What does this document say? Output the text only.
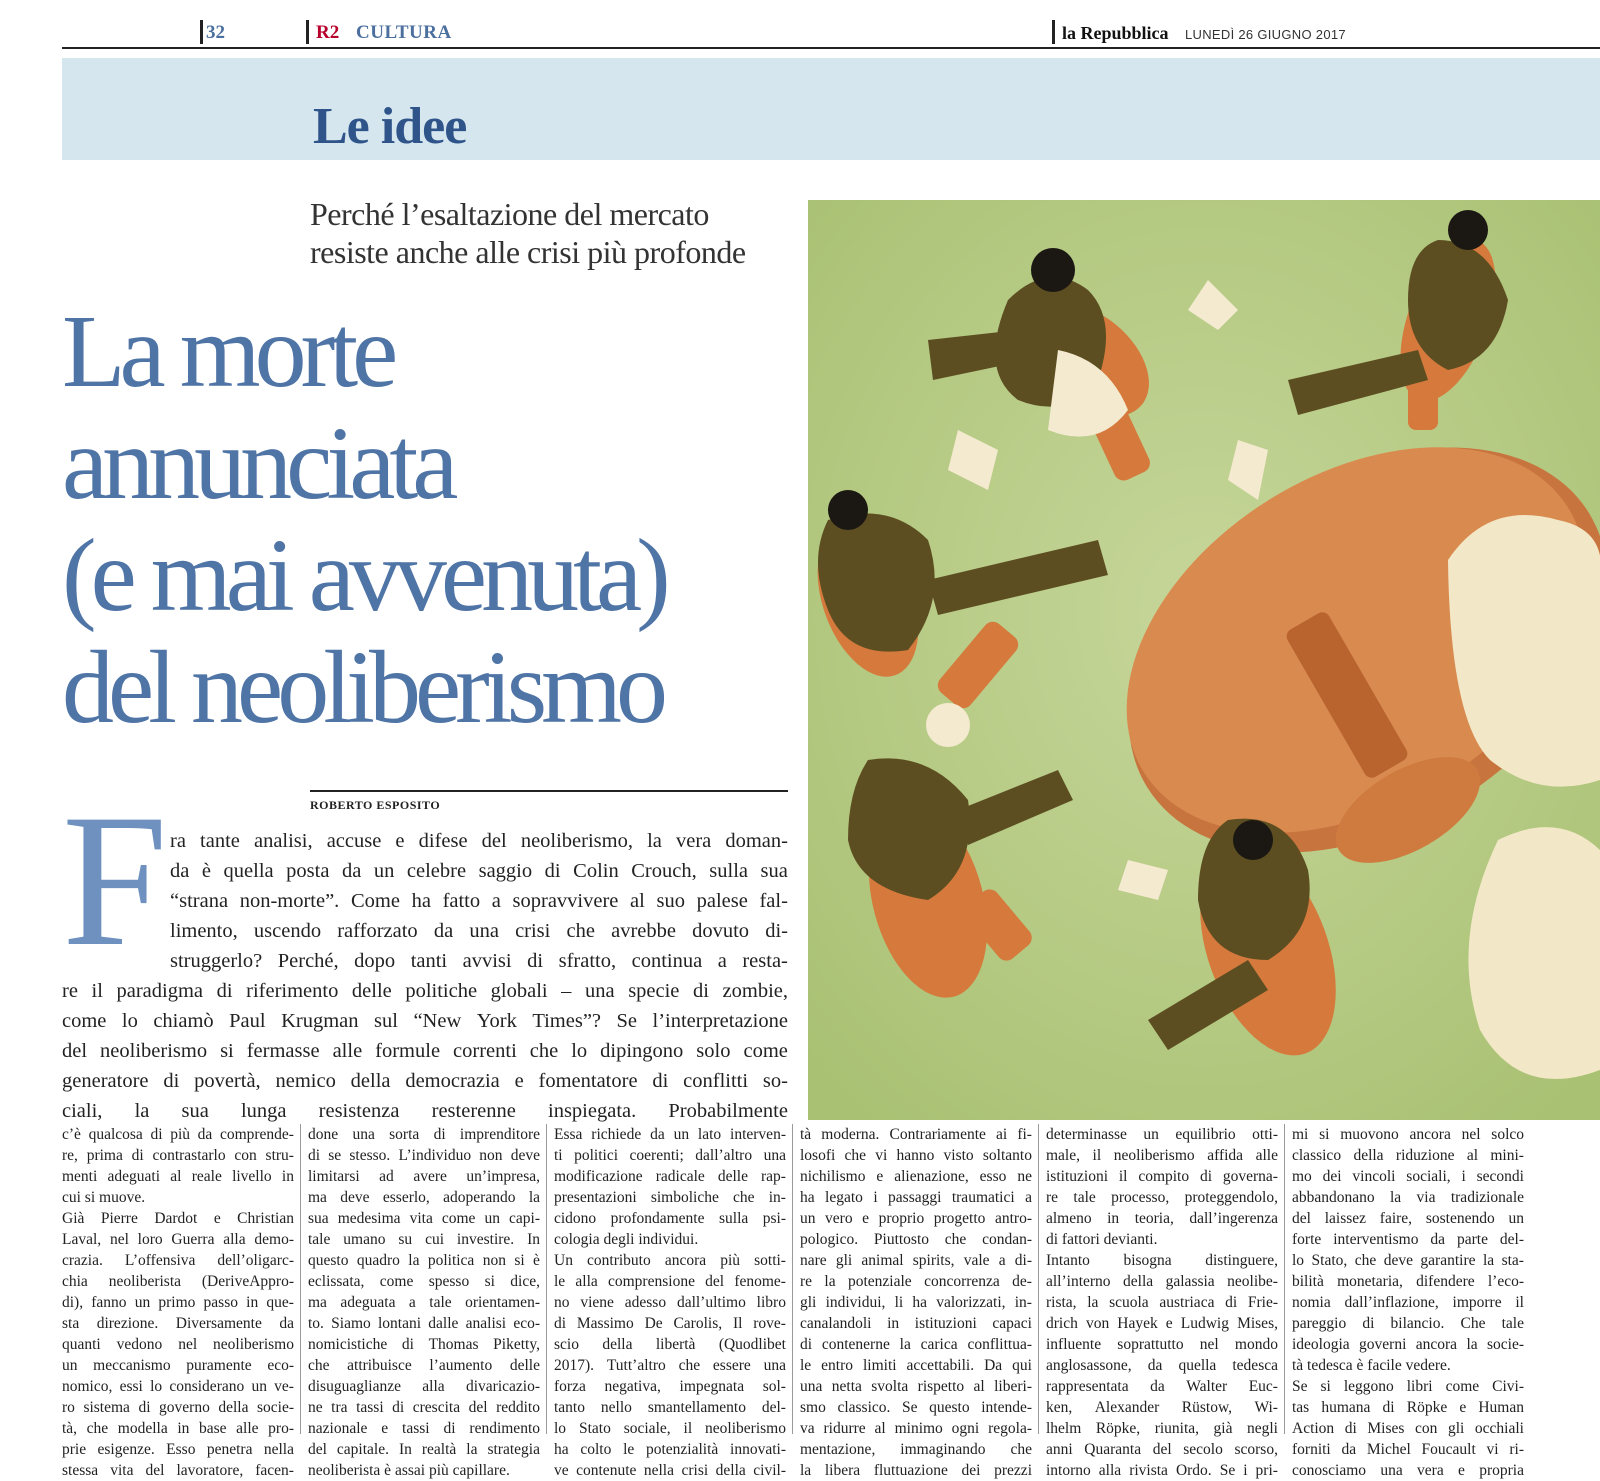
32	R2 CULTURA	la Repubblica LUNEDÌ 26 GIUGNO 2017
Le idee
Perché l’esaltazione del mercato
resiste anche alle crisi più profonde
La morte
annunciata
(e mai avvenuta)
del neoliberismo
ROBERTO ESPOSITO
F ra tante analisi, accuse e difese del neoliberismo, la vera doman-
da è quella posta da un celebre saggio di Colin Crouch, sulla sua
“strana non-morte”. Come ha fatto a sopravvivere al suo palese fal-
limento, uscendo rafforzato da una crisi che avrebbe dovuto di-
struggerlo? Perché, dopo tanti avvisi di sfratto, continua a resta-
re il paradigma di riferimento delle politiche globali – una specie di zombie,
come lo chiamò Paul Krugman sul “New York Times”? Se l’interpretazione
del neoliberismo si fermasse alle formule correnti che lo dipingono solo come
generatore di povertà, nemico della democrazia e fomentatore di conflitti so-
ciali, la sua lunga resistenza resterenne inspiegata. Probabilmente
c’è qualcosa di più da comprende-
re, prima di contrastarlo con stru-
menti adeguati al reale livello in
cui si muove.
Già Pierre Dardot e Christian
Laval, nel loro Guerra alla demo-
crazia. L’offensiva dell’oligarc-
chia neoliberista (DeriveAppro-
di), fanno un primo passo in que-
sta direzione. Diversamente da
quanti vedono nel neoliberismo
un meccanismo puramente eco-
nomico, essi lo considerano un ve-
ro sistema di governo della socie-
tà, che modella in base alle pro-
prie esigenze. Esso penetra nella
stessa vita del lavoratore, facen-
done una sorta di imprenditore
di se stesso. L’individuo non deve
limitarsi ad avere un’impresa,
ma deve esserlo, adoperando la
sua medesima vita come un capi-
tale umano su cui investire. In
questo quadro la politica non si è
eclissata, come spesso si dice,
ma adeguata a tale orientamen-
to. Siamo lontani dalle analisi eco-
nomicistiche di Thomas Piketty,
che attribuisce l’aumento delle
disuguaglianze alla divaricazio-
ne tra tassi di crescita del reddito
nazionale e tassi di rendimento
del capitale. In realtà la strategia
neoliberista è assai più capillare.
Essa richiede da un lato interven-
ti politici coerenti; dall’altro una
modificazione radicale delle rap-
presentazioni simboliche che in-
cidono profondamente sulla psi-
cologia degli individui.
Un contributo ancora più sotti-
le alla comprensione del fenome-
no viene adesso dall’ultimo libro
di Massimo De Carolis, Il rove-
scio della libertà (Quodlibet
2017). Tutt’altro che essere una
forza negativa, impegnata sol-
tanto nello smantellamento del-
lo Stato sociale, il neoliberismo
ha colto le potenzialità innovati-
ve contenute nella crisi della civil-
tà moderna. Contrariamente ai fi-
losofi che vi hanno visto soltanto
nichilismo e alienazione, esso ne
ha legato i passaggi traumatici a
un vero e proprio progetto antro-
pologico. Piuttosto che condan-
nare gli animal spirits, vale a di-
re la potenziale concorrenza de-
gli individui, li ha valorizzati, in-
canalandoli in istituzioni capaci
di contenerne la carica conflittua-
le entro limiti accettabili. Da qui
una netta svolta rispetto al liberi-
smo classico. Se questo intende-
va ridurre al minimo ogni regola-
mentazione, immaginando che
la libera fluttuazione dei prezzi
determinasse un equilibrio otti-
male, il neoliberismo affida alle
istituzioni il compito di governa-
re tale processo, proteggendolo,
almeno in teoria, dall’ingerenza
di fattori devianti.
Intanto bisogna distinguere,
all’interno della galassia neolibe-
rista, la scuola austriaca di Frie-
drich von Hayek e Ludwig Mises,
influente soprattutto nel mondo
anglosassone, da quella tedesca
rappresentata da Walter Euc-
ken, Alexander Rüstow, Wi-
lhelm Röpke, riunita, già negli
anni Quaranta del secolo scorso,
intorno alla rivista Ordo. Se i pri-
mi si muovono ancora nel solco
classico della riduzione al mini-
mo dei vincoli sociali, i secondi
abbandonano la via tradizionale
del laissez faire, sostenendo un
forte interventismo da parte del-
lo Stato, che deve garantire la sta-
bilità monetaria, difendere l’eco-
nomia dall’inflazione, imporre il
pareggio di bilancio. Che tale
ideologia governi ancora la socie-
tà tedesca è facile vedere.
Se si leggono libri come Civi-
tas humana di Röpke e Human
Action di Mises con gli occhiali
forniti da Michel Foucault vi ri-
conosciamo una vera e propria
